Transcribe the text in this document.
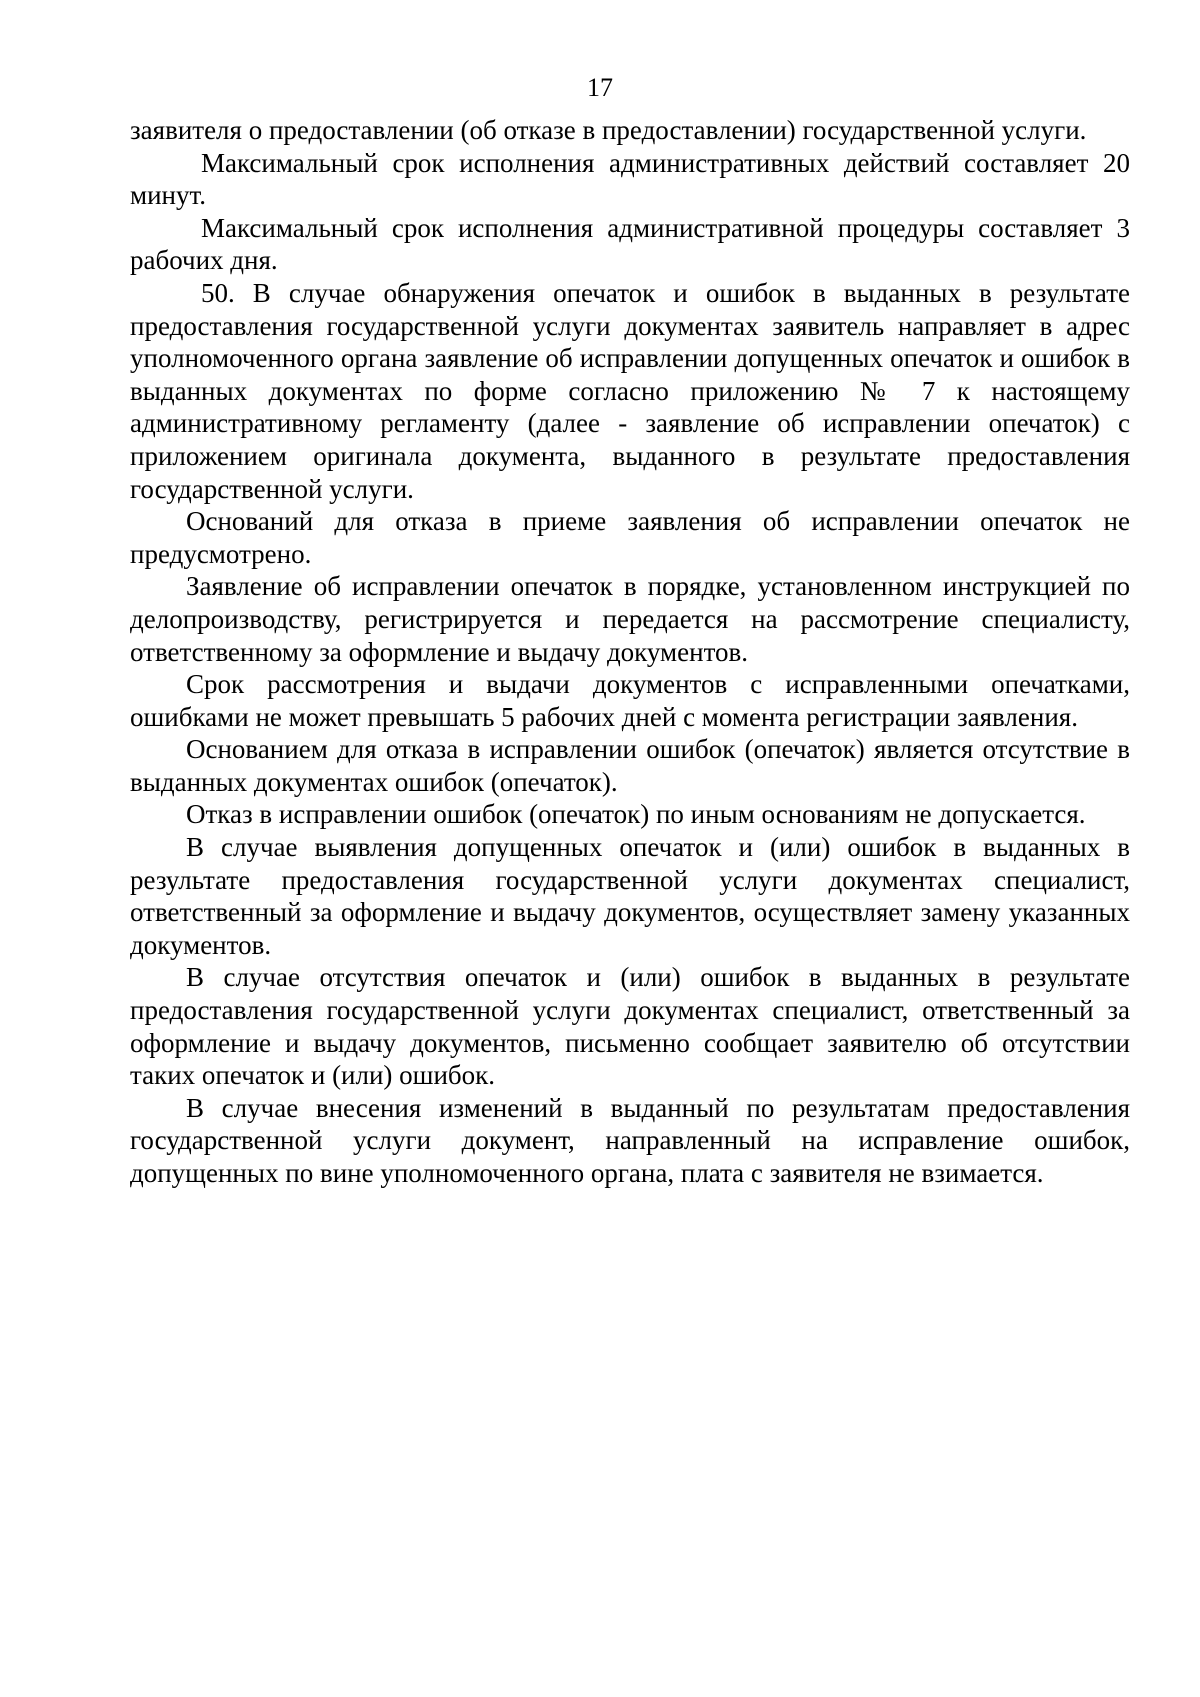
17

заявителя о предоставлении (об отказе в предоставлении) государственной услуги.

Максимальный срок исполнения административных действий составляет 20 минут.

Максимальный срок исполнения административной процедуры составляет 3 рабочих дня.

50. В случае обнаружения опечаток и ошибок в выданных в результате предоставления государственной услуги документах заявитель направляет в адрес уполномоченного органа заявление об исправлении допущенных опечаток и ошибок в выданных документах по форме согласно приложению № 7 к настоящему административному регламенту (далее - заявление об исправлении опечаток) с приложением оригинала документа, выданного в результате предоставления государственной услуги.

Оснований для отказа в приеме заявления об исправлении опечаток не предусмотрено.

Заявление об исправлении опечаток в порядке, установленном инструкцией по делопроизводству, регистрируется и передается на рассмотрение специалисту, ответственному за оформление и выдачу документов.

Срок рассмотрения и выдачи документов с исправленными опечатками, ошибками не может превышать 5 рабочих дней с момента регистрации заявления.

Основанием для отказа в исправлении ошибок (опечаток) является отсутствие в выданных документах ошибок (опечаток).

Отказ в исправлении ошибок (опечаток) по иным основаниям не допускается.

В случае выявления допущенных опечаток и (или) ошибок в выданных в результате предоставления государственной услуги документах специалист, ответственный за оформление и выдачу документов, осуществляет замену указанных документов.

В случае отсутствия опечаток и (или) ошибок в выданных в результате предоставления государственной услуги документах специалист, ответственный за оформление и выдачу документов, письменно сообщает заявителю об отсутствии таких опечаток и (или) ошибок.

В случае внесения изменений в выданный по результатам предоставления государственной услуги документ, направленный на исправление ошибок, допущенных по вине уполномоченного органа, плата с заявителя не взимается.
